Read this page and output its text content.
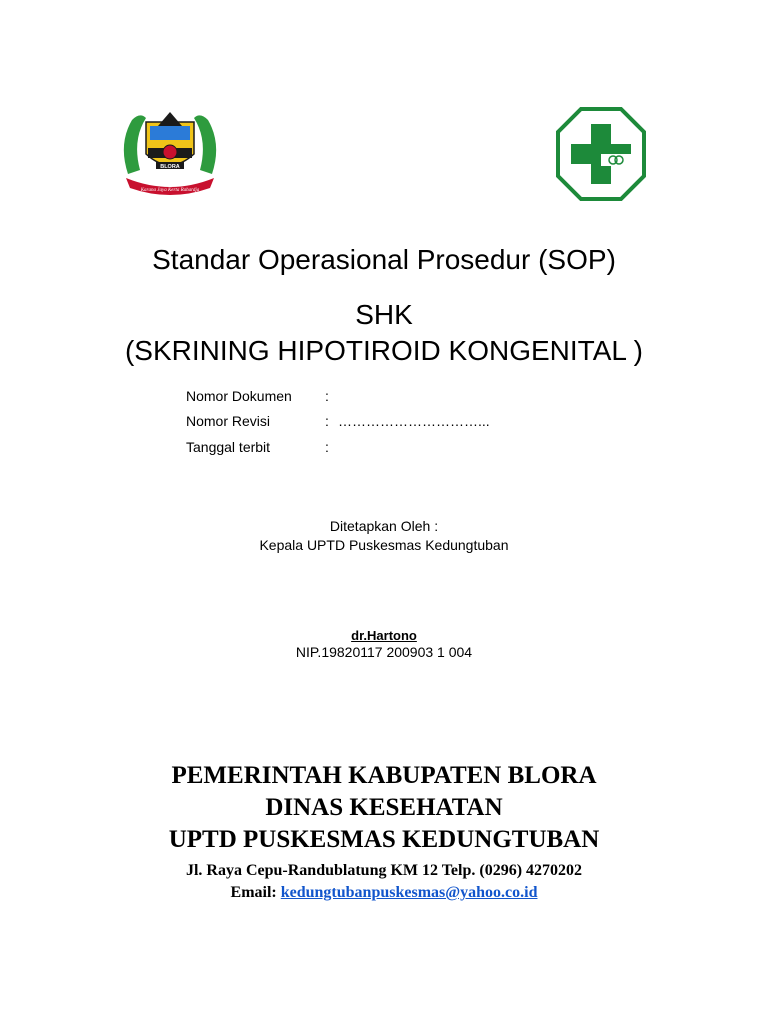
Karana Jaya Kerta Rahardja
BLORA
Standar Operasional Prosedur (SOP)
SHK
(SKRINING HIPOTIROID KONGENITAL )
Nomor Dokumen :
Nomor Revisi	: …………………………...
Tanggal terbit	:
Ditetapkan Oleh :
Kepala UPTD Puskesmas Kedungtuban
dr.Hartono
NIP.19820117 200903 1 004
PEMERINTAH KABUPATEN BLORA
DINAS KESEHATAN
UPTD PUSKESMAS KEDUNGTUBAN
Jl. Raya Cepu-Randublatung KM 12 Telp. (0296) 4270202
Email: kedungtubanpuskesmas@yahoo.co.id
